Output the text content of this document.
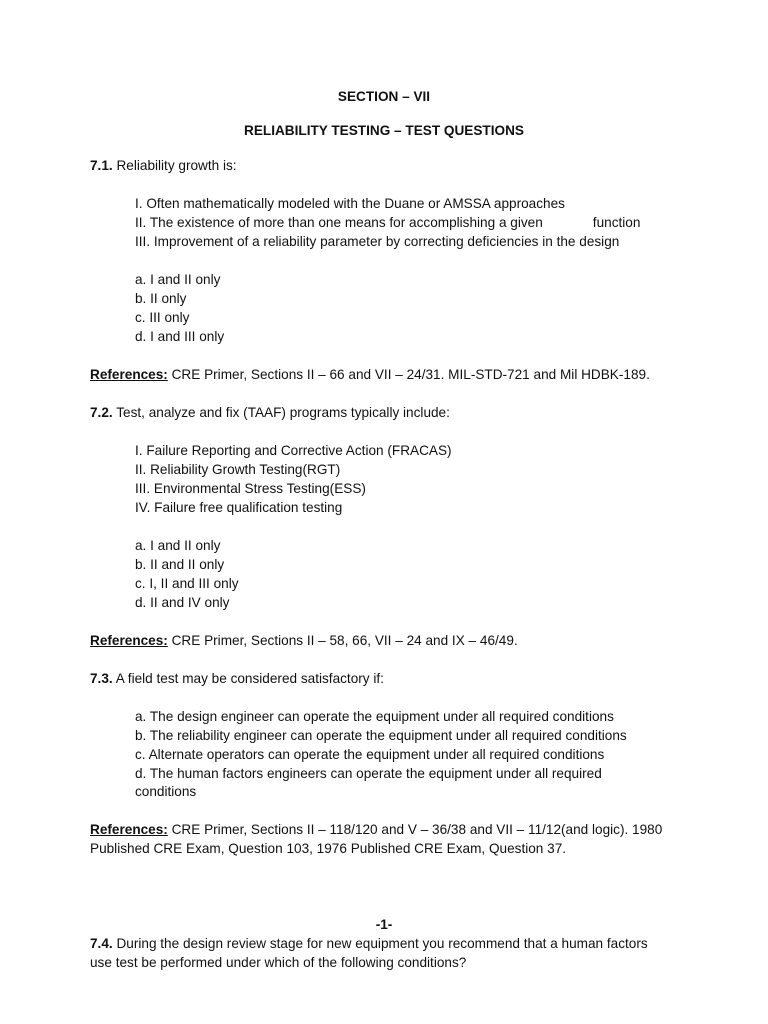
SECTION – VII
RELIABILITY TESTING – TEST QUESTIONS
7.1. Reliability growth is:
I. Often mathematically modeled with the Duane or AMSSA approaches
II. The existence of more than one means for accomplishing a given	function
III. Improvement of a reliability parameter by correcting deficiencies in the design
a. I and II only
b. II only
c. III only
d. I and III only
References: CRE Primer, Sections II – 66 and VII – 24/31. MIL-STD-721 and Mil HDBK-189.
7.2. Test, analyze and fix (TAAF) programs typically include:
I. Failure Reporting and Corrective Action (FRACAS)
II. Reliability Growth Testing(RGT)
III. Environmental Stress Testing(ESS)
IV. Failure free qualification testing
a. I and II only
b. II and II only
c. I, II and III only
d. II and IV only
References: CRE Primer, Sections II – 58, 66, VII – 24 and IX – 46/49.
7.3. A field test may be considered satisfactory if:
a. The design engineer can operate the equipment under all required conditions
b. The reliability engineer can operate the equipment under all required conditions
c. Alternate operators can operate the equipment under all required conditions
d. The human factors engineers can operate the equipment under all required
conditions
References: CRE Primer, Sections II – 118/120 and V – 36/38 and VII – 11/12(and logic). 1980
Published CRE Exam, Question 103, 1976 Published CRE Exam, Question 37.
-1-
7.4. During the design review stage for new equipment you recommend that a human factors
use test be performed under which of the following conditions?
